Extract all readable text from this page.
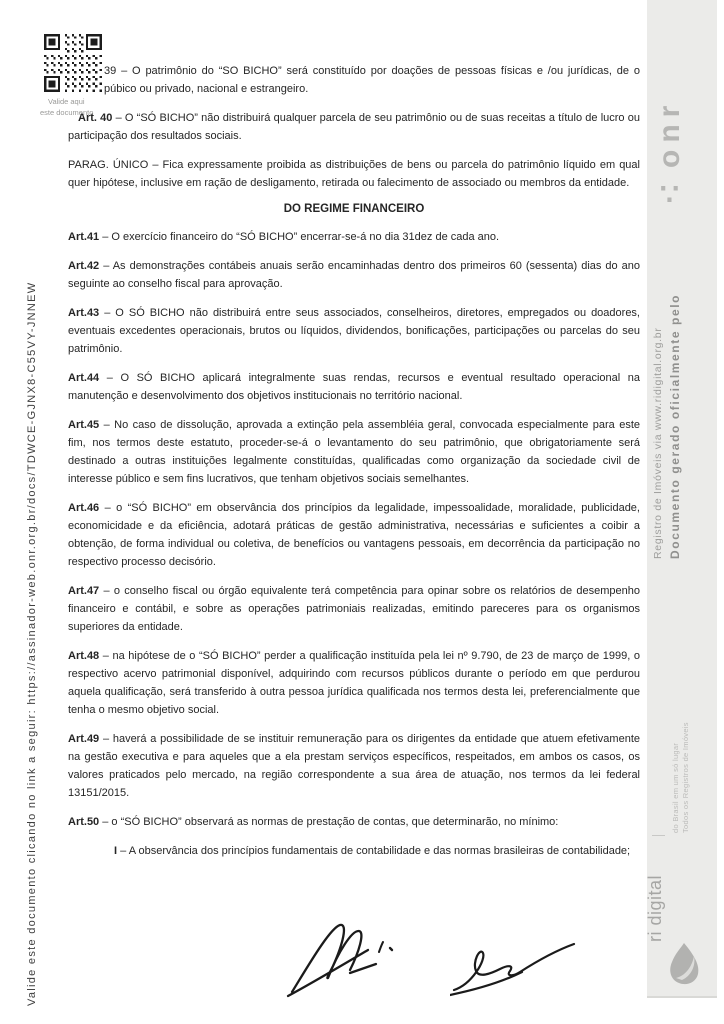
Valide aqui
este documento
Valide este documento clicando no link a seguir: https://assinador-web.onr.org.br/docs/TDWCE-GJNX8-C55VY-JNNEW

39 – O patrimônio do “SO BICHO” será constituído por doações de pessoas físicas e /ou jurídicas, de o púbico ou privado, nacional e estrangeiro.

Art. 40 – O “SÓ BICHO” não distribuirá qualquer parcela de seu patrimônio ou de suas receitas a título de lucro ou participação dos resultados sociais.

PARAG. ÚNICO – Fica expressamente proibida as distribuições de bens ou parcela do patrimônio líquido em qual quer hipótese, inclusive em ração de desligamento, retirada ou falecimento de associado ou membros da entidade.

DO REGIME FINANCEIRO

Art.41 – O exercício financeiro do “SÓ BICHO” encerrar-se-á no dia 31dez de cada ano.

Art.42 – As demonstrações contábeis anuais serão encaminhadas dentro dos primeiros 60 (sessenta) dias do ano seguinte ao conselho fiscal para aprovação.

Art.43 – O SÓ BICHO não distribuirá entre seus associados, conselheiros, diretores, empregados ou doadores, eventuais excedentes operacionais, brutos ou líquidos, dividendos, bonificações, participações ou parcelas do seu patrimônio.

Art.44 – O SÓ BICHO aplicará integralmente suas rendas, recursos e eventual resultado operacional na manutenção e desenvolvimento dos objetivos institucionais no território nacional.

Art.45 – No caso de dissolução, aprovada a extinção pela assembléia geral, convocada especialmente para este fim, nos termos deste estatuto, proceder-se-á o levantamento do seu patrimônio, que obrigatoriamente será destinado a outras instituições legalmente constituídas, qualificadas como organização da sociedade civil de interesse público e sem fins lucrativos, que tenham objetivos sociais semelhantes.

Art.46 – o “SÓ BICHO” em observância dos princípios da legalidade, impessoalidade, moralidade, publicidade, economicidade e da eficiência, adotará práticas de gestão administrativa, necessárias e suficientes a coibir a obtenção, de forma individual ou coletiva, de benefícios ou vantagens pessoais, em decorrência da participação no respectivo processo decisório.

Art.47 – o conselho fiscal ou órgão equivalente terá competência para opinar sobre os relatórios de desempenho financeiro e contábil, e sobre as operações patrimoniais realizadas, emitindo pareceres para os organismos superiores da entidade.

Art.48 – na hipótese de o “SÓ BICHO” perder a qualificação instituída pela lei nº 9.790, de 23 de março de 1999, o respectivo acervo patrimonial disponível, adquirindo com recursos públicos durante o período em que perdurou aquela qualificação, será transferido à outra pessoa jurídica qualificada nos termos desta lei, preferencialmente que tenha o mesmo objetivo social.

Art.49 – haverá a possibilidade de se instituir remuneração para os dirigentes da entidade que atuem efetivamente na gestão executiva e para aqueles que a ela prestam serviços específicos, respeitados, em ambos os casos, os valores praticados pelo mercado, na região correspondente a sua área de atuação, nos termos da lei federal 13151/2015.

Art.50 – o “SÓ BICHO” observará as normas de prestação de contas, que determinarão, no mínimo:

I – A observância dos princípios fundamentais de contabilidade e das normas brasileiras de contabilidade;

∴onr
Documento gerado oficialmente pelo
Registro de Imóveis via www.ridigital.org.br
Todos os Registros de Imóveis
do Brasil em um só lugar
ri digital
